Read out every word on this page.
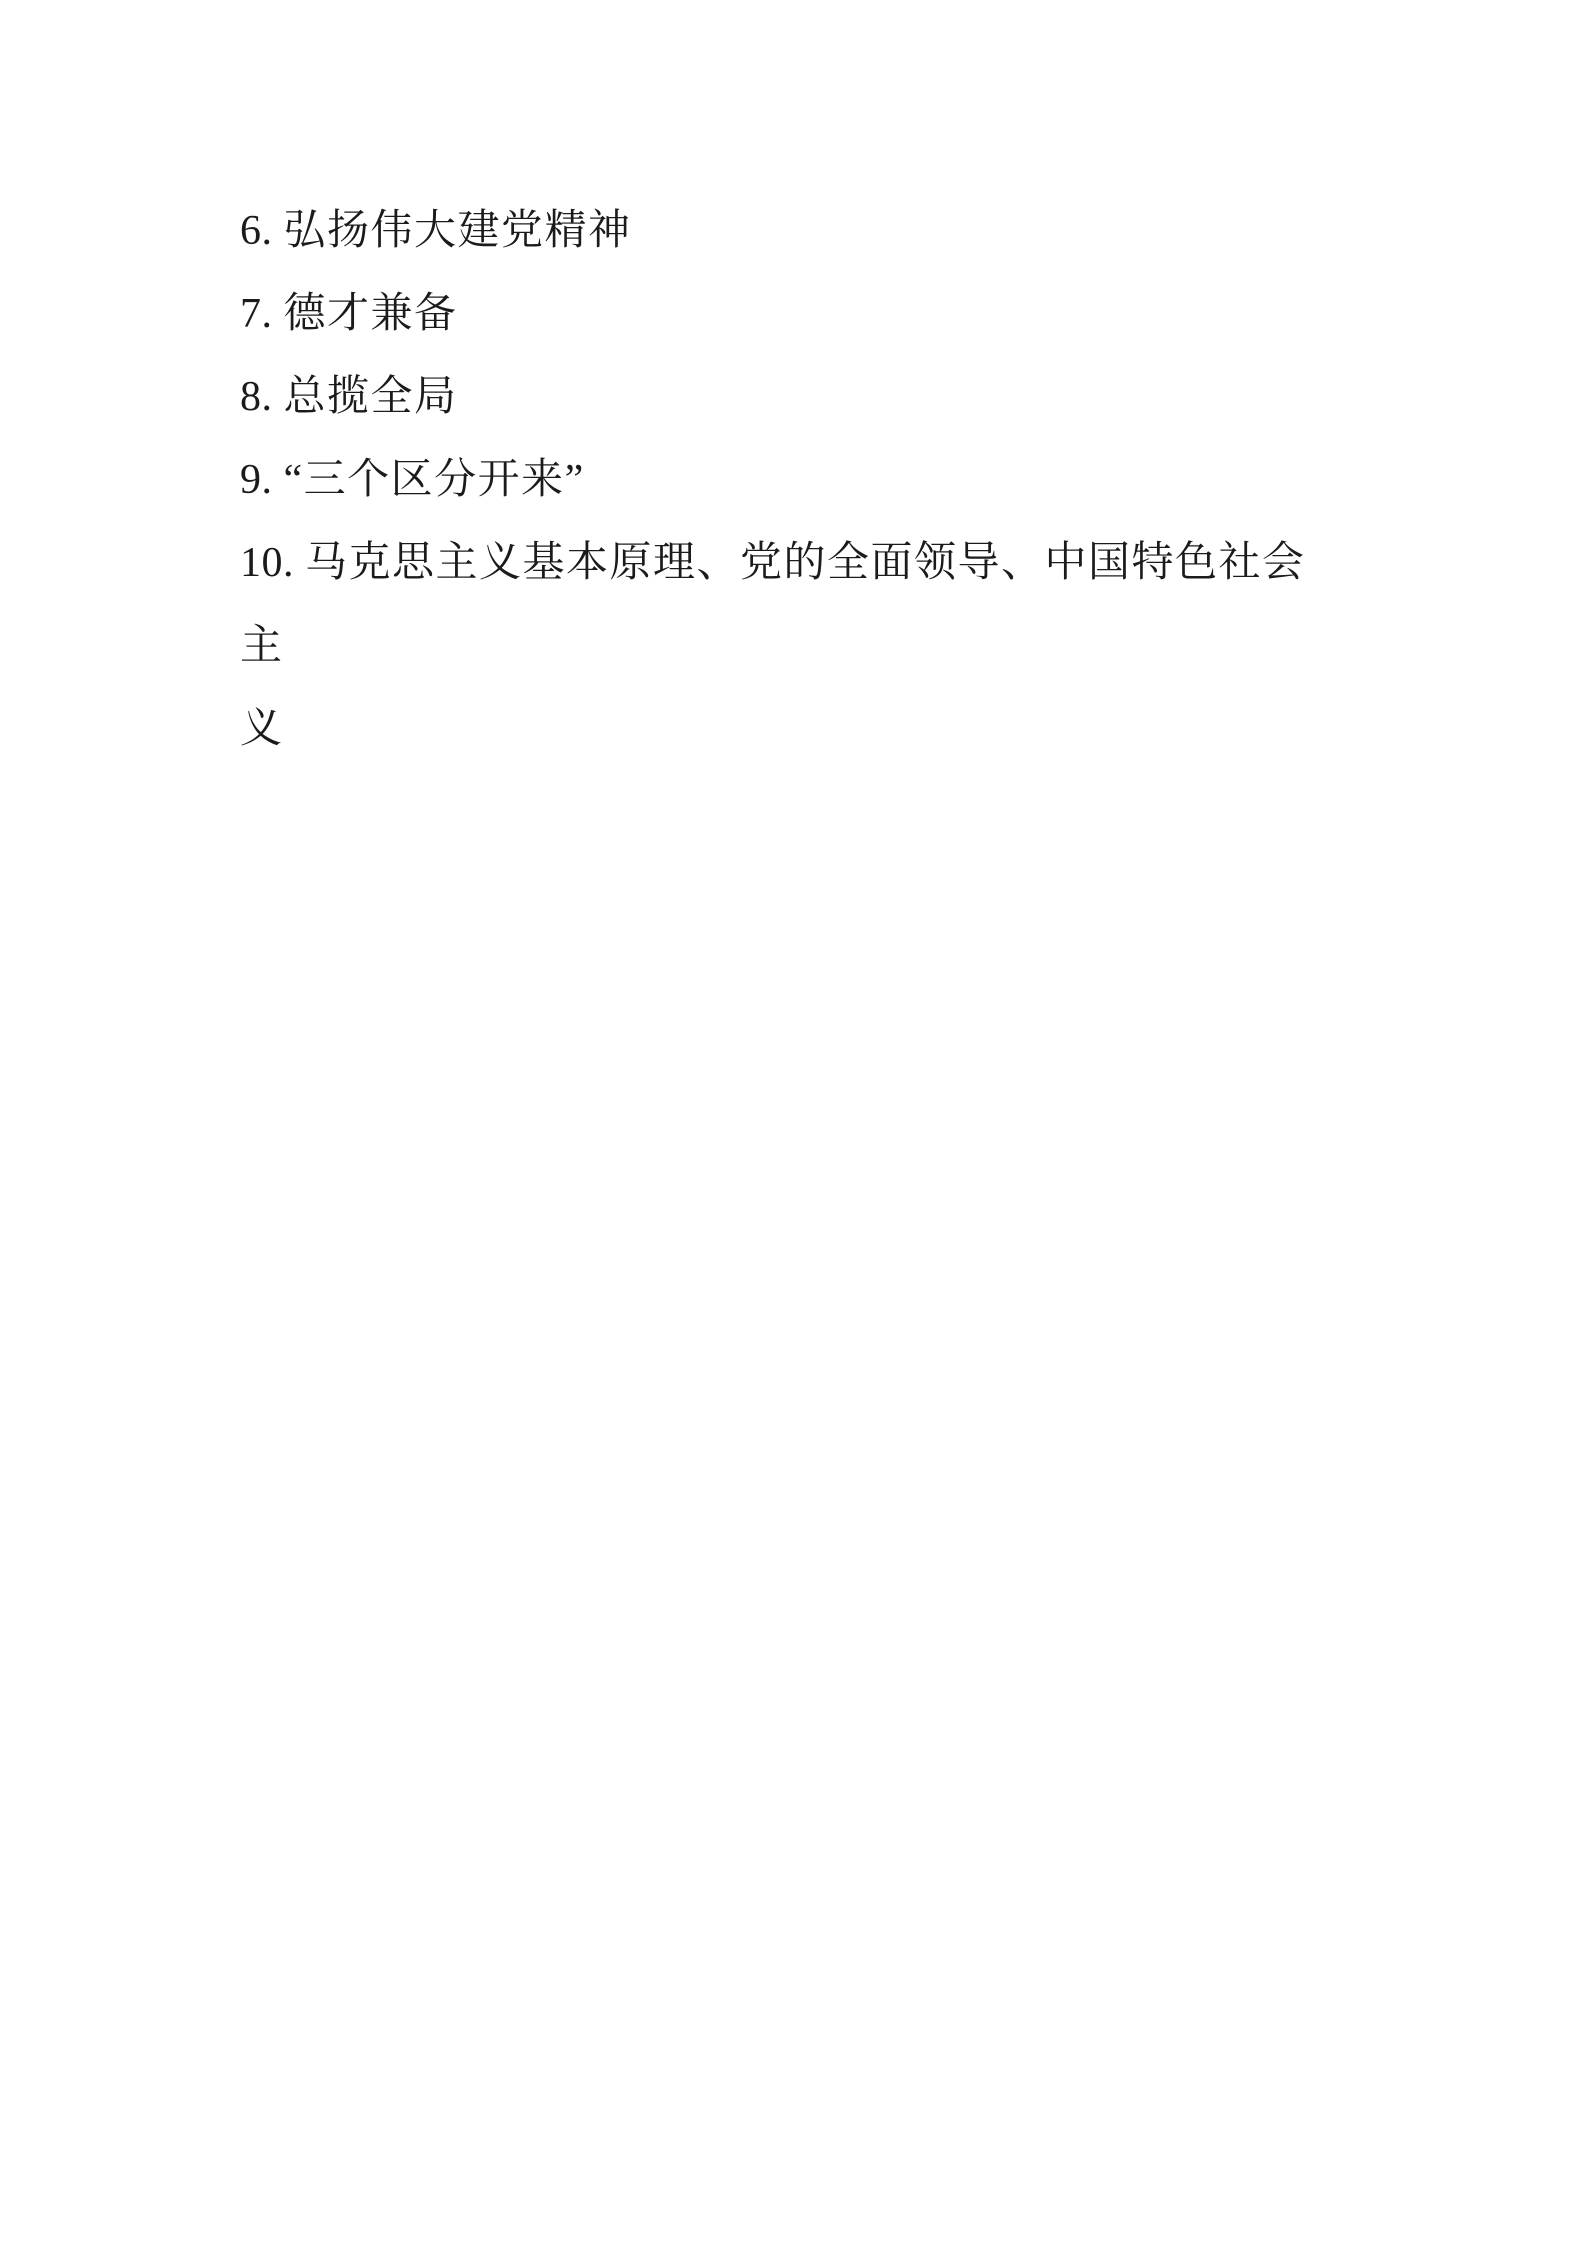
6. 弘扬伟大建党精神

7. 德才兼备

8. 总揽全局

9. “三个区分开来”

10. 马克思主义基本原理、党的全面领导、中国特色社会主
义
